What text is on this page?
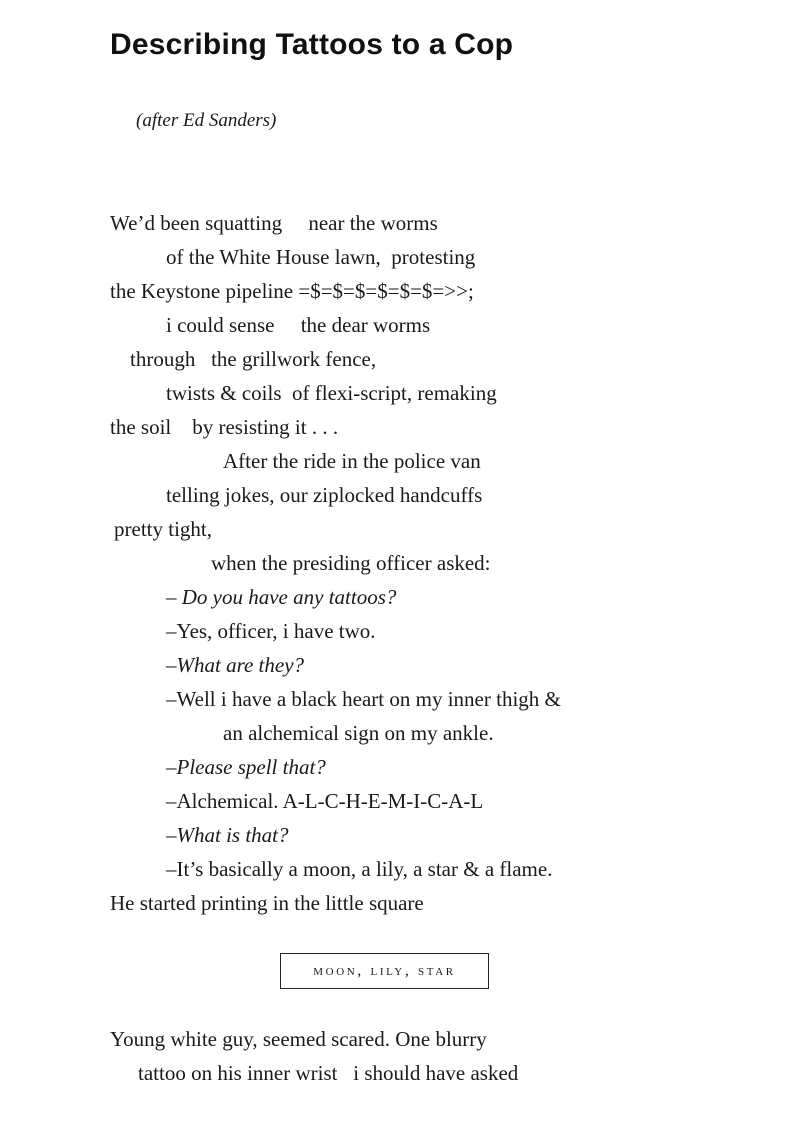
Describing Tattoos to a Cop
(after Ed Sanders)
We’d been squatting     near the worms
of the White House lawn,  protesting
the Keystone pipeline =$=$=$=$=$=$=>>;
i could sense     the dear worms
through   the grillwork fence,
twists & coils  of flexi-script, remaking
the soil    by resisting it . . .
After the ride in the police van
telling jokes, our ziplocked handcuffs
pretty tight,
when the presiding officer asked:
– Do you have any tattoos?
–Yes, officer, i have two.
–What are they?
–Well i have a black heart on my inner thigh &
an alchemical sign on my ankle.
–Please spell that?
–Alchemical. A-L-C-H-E-M-I-C-A-L
–What is that?
–It’s basically a moon, a lily, a star & a flame.
He started printing in the little square
moon, lily, star
Young white guy, seemed scared. One blurry
tattoo on his inner wrist   i should have asked
